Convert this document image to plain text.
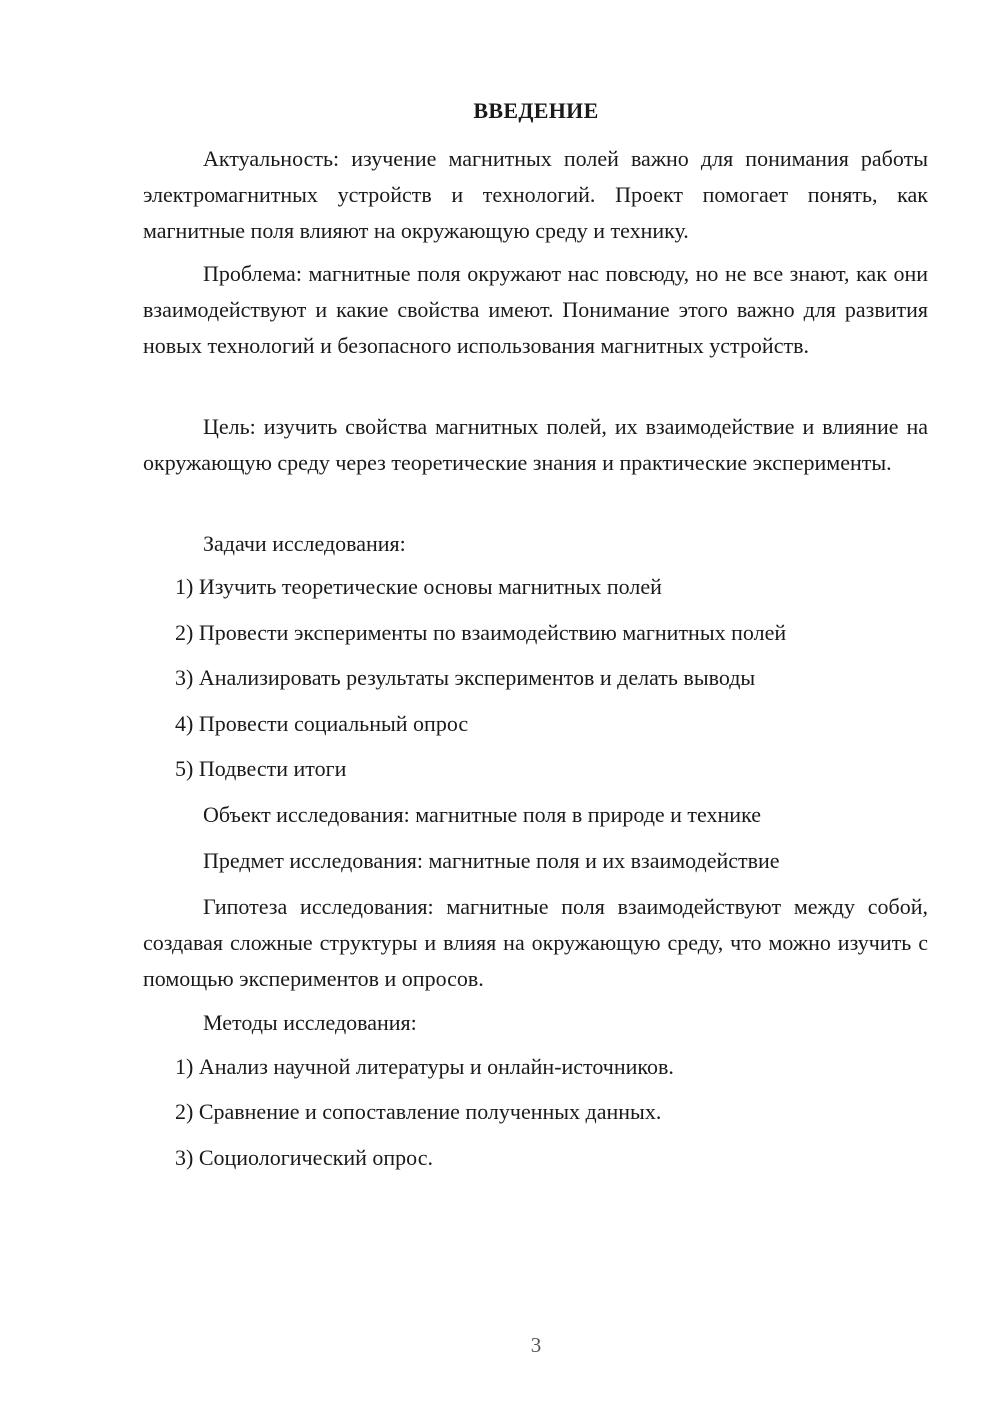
ВВЕДЕНИЕ
Актуальность: изучение магнитных полей важно для понимания работы электромагнитных устройств и технологий. Проект помогает понять, как магнитные поля влияют на окружающую среду и технику.
Проблема: магнитные поля окружают нас повсюду, но не все знают, как они взаимодействуют и какие свойства имеют. Понимание этого важно для развития новых технологий и безопасного использования магнитных устройств.
Цель: изучить свойства магнитных полей, их взаимодействие и влияние на окружающую среду через теоретические знания и практические эксперименты.
Задачи исследования:
1) Изучить теоретические основы магнитных полей
2) Провести эксперименты по взаимодействию магнитных полей
3) Анализировать результаты экспериментов и делать выводы
4) Провести социальный опрос
5) Подвести итоги
Объект исследования: магнитные поля в природе и технике
Предмет исследования: магнитные поля и их взаимодействие
Гипотеза исследования: магнитные поля взаимодействуют между собой, создавая сложные структуры и влияя на окружающую среду, что можно изучить с помощью экспериментов и опросов.
Методы исследования:
1) Анализ научной литературы и онлайн-источников.
2) Сравнение и сопоставление полученных данных.
3) Социологический опрос.
3
